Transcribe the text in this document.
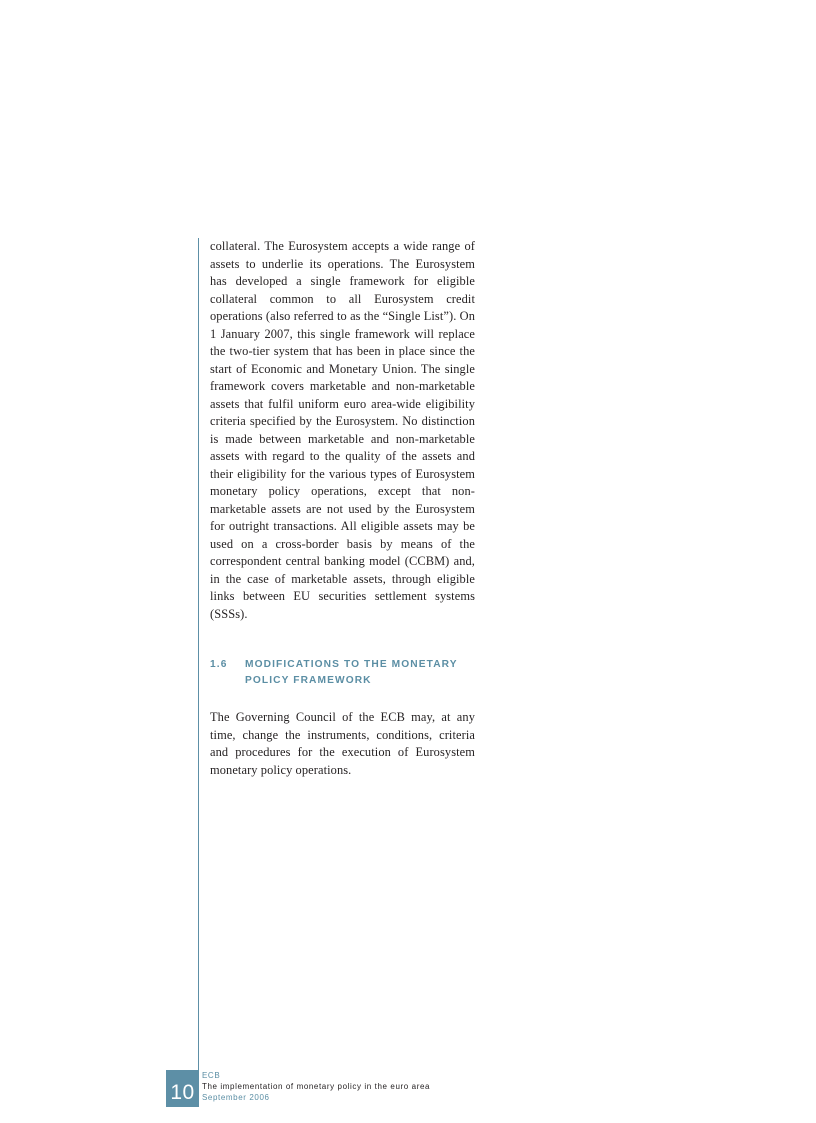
collateral. The Eurosystem accepts a wide range of assets to underlie its operations. The Eurosystem has developed a single framework for eligible collateral common to all Eurosystem credit operations (also referred to as the “Single List”). On 1 January 2007, this single framework will replace the two-tier system that has been in place since the start of Economic and Monetary Union. The single framework covers marketable and non-marketable assets that fulfil uniform euro area-wide eligibility criteria specified by the Eurosystem. No distinction is made between marketable and non-marketable assets with regard to the quality of the assets and their eligibility for the various types of Eurosystem monetary policy operations, except that non-marketable assets are not used by the Eurosystem for outright transactions. All eligible assets may be used on a cross-border basis by means of the correspondent central banking model (CCBM) and, in the case of marketable assets, through eligible links between EU securities settlement systems (SSSs).

1.6 MODIFICATIONS TO THE MONETARY
POLICY FRAMEWORK

The Governing Council of the ECB may, at any time, change the instruments, conditions, criteria and procedures for the execution of Eurosystem monetary policy operations.

10
ECB
The implementation of monetary policy in the euro area
September 2006
